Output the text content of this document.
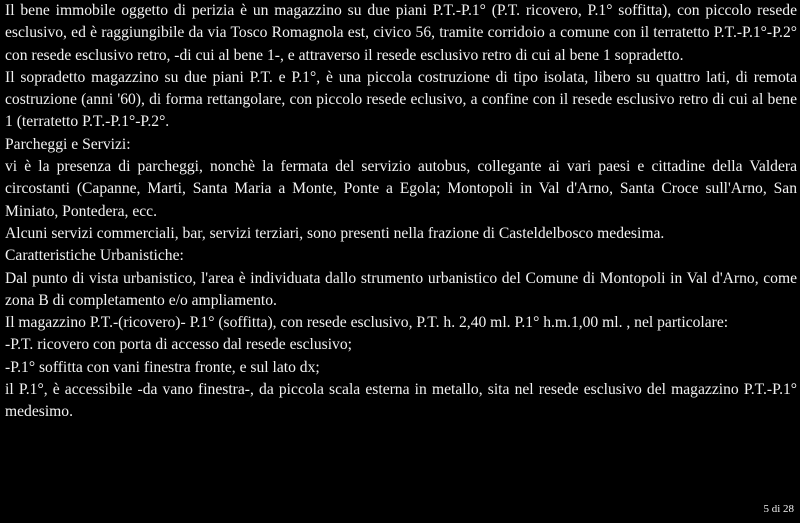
Il bene immobile oggetto di perizia è un magazzino su due piani P.T.-P.1° (P.T. ricovero, P.1° soffitta), con piccolo resede esclusivo, ed è raggiungibile da via Tosco Romagnola est, civico 56, tramite corridoio a comune con il terratetto P.T.-P.1°-P.2° con resede esclusivo retro, -di cui al bene 1-, e attraverso il resede esclusivo retro di cui al bene 1 sopradetto.

Il sopradetto magazzino su due piani P.T. e P.1°, è una piccola costruzione di tipo isolata, libero su quattro lati, di remota costruzione (anni '60), di forma rettangolare, con piccolo resede eclusivo, a confine con il resede esclusivo retro di cui al bene 1 (terratetto P.T.-P.1°-P.2°.

Parcheggi e Servizi:

vi è la presenza di parcheggi, nonchè la fermata del servizio autobus, collegante ai vari paesi e cittadine della Valdera circostanti (Capanne, Marti, Santa Maria a Monte, Ponte a Egola; Montopoli in Val d'Arno, Santa Croce sull'Arno, San Miniato, Pontedera, ecc.

Alcuni servizi commerciali, bar, servizi terziari, sono presenti nella frazione di Casteldelbosco medesima.

Caratteristiche Urbanistiche:

Dal punto di vista urbanistico, l'area è individuata dallo strumento urbanistico del Comune di Montopoli in Val d'Arno, come zona B di completamento e/o ampliamento.

Il magazzino P.T.-(ricovero)- P.1° (soffitta), con resede esclusivo, P.T. h. 2,40 ml. P.1° h.m.1,00 ml. , nel particolare:

-P.T. ricovero con porta di accesso dal resede esclusivo;

-P.1° soffitta con vani finestra fronte, e sul lato dx;

il P.1°, è accessibile -da vano finestra-, da piccola scala esterna in metallo, sita nel resede esclusivo del magazzino P.T.-P.1° medesimo.

5 di 28
